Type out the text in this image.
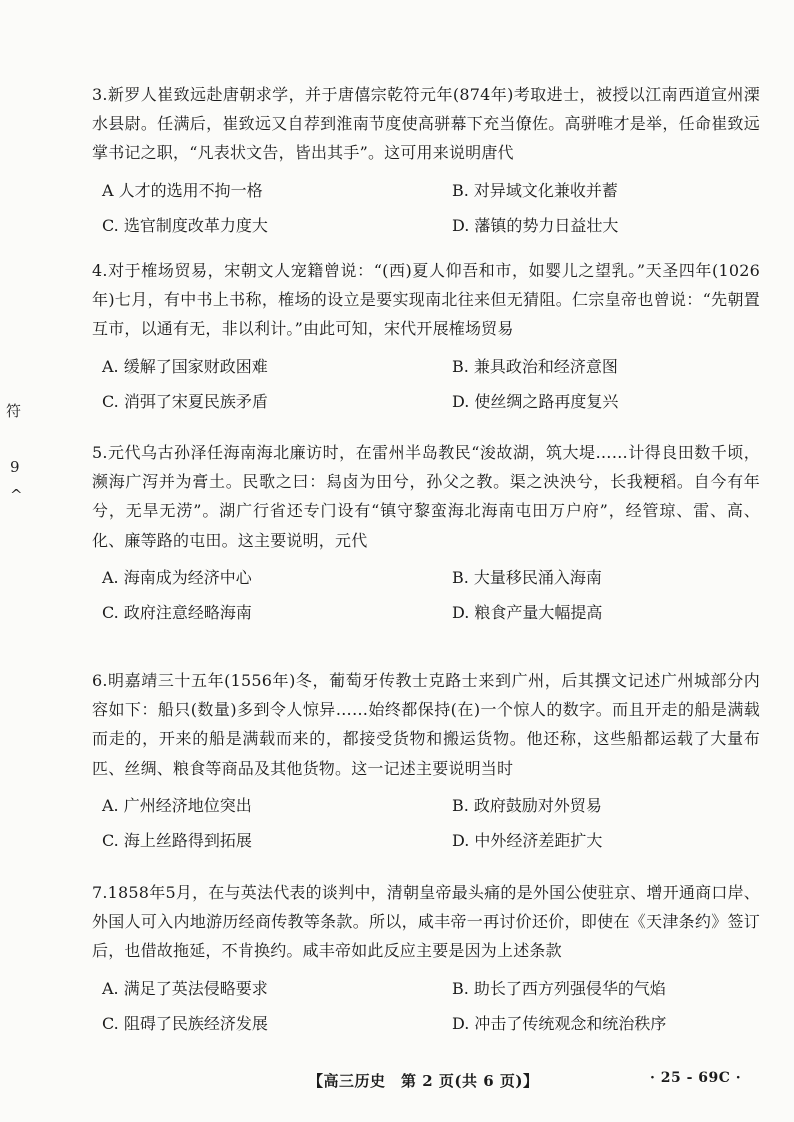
符
9
^

3.新罗人崔致远赴唐朝求学，并于唐僖宗乾符元年(874年)考取进士，被授以江南西道宣州溧水县尉。任满后，崔致远又自荐到淮南节度使高骈幕下充当僚佐。高骈唯才是举，任命崔致远掌书记之职，“凡表状文告，皆出其手”。这可用来说明唐代

A 人才的选用不拘一格	B. 对异域文化兼收并蓄
C. 选官制度改革力度大	D. 藩镇的势力日益壮大

4.对于榷场贸易，宋朝文人宠籍曾说：“(西)夏人仰吾和市，如婴儿之望乳。”天圣四年(1026年)七月，有中书上书称，榷场的设立是要实现南北往来但无猜阻。仁宗皇帝也曾说：“先朝置互市，以通有无，非以利计。”由此可知，宋代开展榷场贸易

A. 缓解了国家财政困难	B. 兼具政治和经济意图
C. 消弭了宋夏民族矛盾	D. 使丝绸之路再度复兴

5.元代乌古孙泽任海南海北廉访时，在雷州半岛教民“浚故湖，筑大堤……计得良田数千顷，濒海广泻并为膏土。民歌之曰：舄卤为田兮，孙父之教。渠之泱泱兮，长我粳稻。自今有年兮，无旱无涝”。湖广行省还专门设有“镇守黎蛮海北海南屯田万户府”，经管琼、雷、高、化、廉等路的屯田。这主要说明，元代

A. 海南成为经济中心	B. 大量移民涌入海南
C. 政府注意经略海南	D. 粮食产量大幅提高

6.明嘉靖三十五年(1556年)冬，葡萄牙传教士克路士来到广州，后其撰文记述广州城部分内容如下：船只(数量)多到令人惊异……始终都保持(在)一个惊人的数字。而且开走的船是满载而走的，开来的船是满载而来的，都接受货物和搬运货物。他还称，这些船都运载了大量布匹、丝绸、粮食等商品及其他货物。这一记述主要说明当时

A. 广州经济地位突出	B. 政府鼓励对外贸易
C. 海上丝路得到拓展	D. 中外经济差距扩大

7.1858年5月，在与英法代表的谈判中，清朝皇帝最头痛的是外国公使驻京、增开通商口岸、外国人可入内地游历经商传教等条款。所以，咸丰帝一再讨价还价，即使在《天津条约》签订后，也借故拖延，不肯换约。咸丰帝如此反应主要是因为上述条款

A. 满足了英法侵略要求	B. 助长了西方列强侵华的气焰
C. 阻碍了民族经济发展	D. 冲击了传统观念和统治秩序
【高三历史　第 2 页(共 6 页)】	· 25 - 69C ·
